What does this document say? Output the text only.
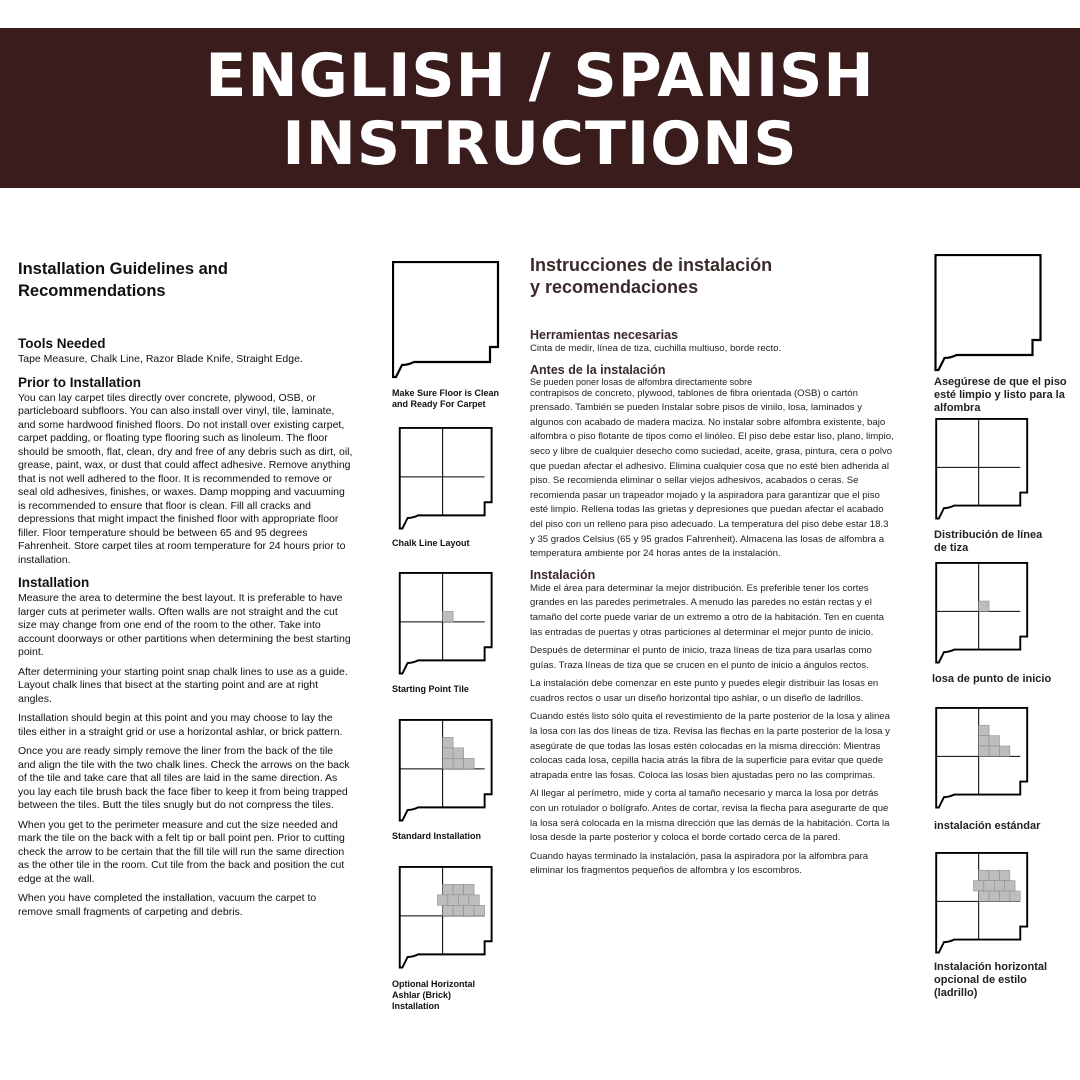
ENGLISH / SPANISH
INSTRUCTIONS
Installation Guidelines and
Recommendations
Tools Needed

Tape Measure, Chalk Line, Razor Blade Knife, Straight Edge.

Prior to Installation

You can lay carpet tiles directly over concrete, plywood, OSB, or particleboard subfloors. You can also install over vinyl, tile, laminate, and some hardwood finished floors. Do not install over existing carpet, carpet padding, or floating type flooring such as linoleum. The floor should be smooth, flat, clean, dry and free of any debris such as dirt, oil, grease, paint, wax, or dust that could affect adhesive. Remove anything that is not well adhered to the floor. It is recommended to remove or seal old adhesives, finishes, or waxes. Damp mopping and vacuuming is recommended to ensure that floor is clean. Fill all cracks and depressions that might impact the finished floor with appropriate floor filler. Floor temperature should be between 65 and 95 degrees Fahrenheit. Store carpet tiles at room temperature for 24 hours prior to installation.

Installation

Measure the area to determine the best layout. It is preferable to have larger cuts at perimeter walls. Often walls are not straight and the cut size may change from one end of the room to the other. Take into account doorways or other partitions when determining the best starting point.

After determining your starting point snap chalk lines to use as a guide. Layout chalk lines that bisect at the starting point and are at right angles.

Installation should begin at this point and you may choose to lay the tiles either in a straight grid or use a horizontal ashlar, or brick pattern.

Once you are ready simply remove the liner from the back of the tile and align the tile with the two chalk lines. Check the arrows on the back of the tile and take care that all tiles are laid in the same direction. As you lay each tile brush back the face fiber to keep it from being trapped between the tiles. Butt the tiles snugly but do not compress the tiles.

When you get to the perimeter measure and cut the size needed and mark the tile on the back with a felt tip or ball point pen. Prior to cutting check the arrow to be certain that the fill tile will run the same direction as the other tile in the room. Cut tile from the back and position the cut edge at the wall.

When you have completed the installation, vacuum the carpet to remove small fragments of carpeting and debris.

Instrucciones de instalación
y recomendaciones
Herramientas necesarias

Cinta de medir, línea de tiza, cuchilla multiuso, borde recto.

Antes de la instalación

Se pueden poner losas de alfombra directamente sobre
contrapisos de concreto, plywood, tablones de fibra orientada (OSB) o cartón prensado. También se pueden Instalar sobre pisos de vinilo, losa, laminados y algunos con acabado de madera maciza. No instalar sobre alfombra existente, bajo alfombra o piso flotante de tipos como el linóleo. El piso debe estar liso, plano, limpio, seco y libre de cualquier desecho como suciedad, aceite, grasa, pintura, cera o polvo que puedan afectar el adhesivo. Elimina cualquier cosa que no esté bien adherida al piso. Se recomienda eliminar o sellar viejos adhesivos, acabados o ceras. Se recomienda pasar un trapeador mojado y la aspiradora para garantizar que el piso esté limpio. Rellena todas las grietas y depresiones que puedan afectar el acabado del piso con un relleno para piso adecuado. La temperatura del piso debe estar 18.3 y 35 grados Celsius (65 y 95 grados Fahrenheit). Almacena las losas de alfombra a temperatura ambiente por 24 horas antes de la instalación.

Instalación

Mide el área para determinar la mejor distribución. Es preferible tener los cortes grandes en las paredes perimetrales. A menudo las paredes no están rectas y el tamaño del corte puede variar de un extremo a otro de la habitación. Ten en cuenta las entradas de puertas y otras particiones al determinar el mejor punto de inicio.

Después de determinar el punto de inicio, traza líneas de tiza para usarlas como guías. Traza líneas de tiza que se crucen en el punto de inicio a ángulos rectos.

La instalación debe comenzar en este punto y puedes elegir distribuir las losas en cuadros rectos o usar un diseño horizontal tipo ashlar, o un diseño de ladrillos.

Cuando estés listo sólo quita el revestimiento de la parte posterior de la losa y alinea la losa con las dos líneas de tiza. Revisa las flechas en la parte posterior de la losa y asegúrate de que todas las losas estén colocadas en la misma dirección: Mientras colocas cada losa, cepilla hacia atrás la fibra de la superficie para evitar que quede atrapada entre las fosas. Coloca las losas bien ajustadas pero no las comprimas.

Al llegar al perímetro, mide y corta al tamaño necesario y marca la losa por detrás con un rotulador o bolígrafo. Antes de cortar, revisa la flecha para asegurarte de que la losa será colocada en la misma dirección que las demás de la habitación. Corta la losa desde la parte posterior y coloca el borde cortado cerca de la pared.

Cuando hayas terminado la instalación, pasa la aspiradora por la alfombra para eliminar los fragmentos pequeños de alfombra y los escombros.

Make Sure Floor is Clean
and Ready For Carpet
Chalk Line Layout
Starting Point Tile
Standard Installation
Optional Horizontal
Ashlar (Brick)
Installation
Asegúrese de que el piso
esté limpio y listo para la
alfombra
Distribución de línea
de tiza
losa de punto de inicio
instalación estándar
Instalación horizontal
opcional de estilo
(ladrillo)
